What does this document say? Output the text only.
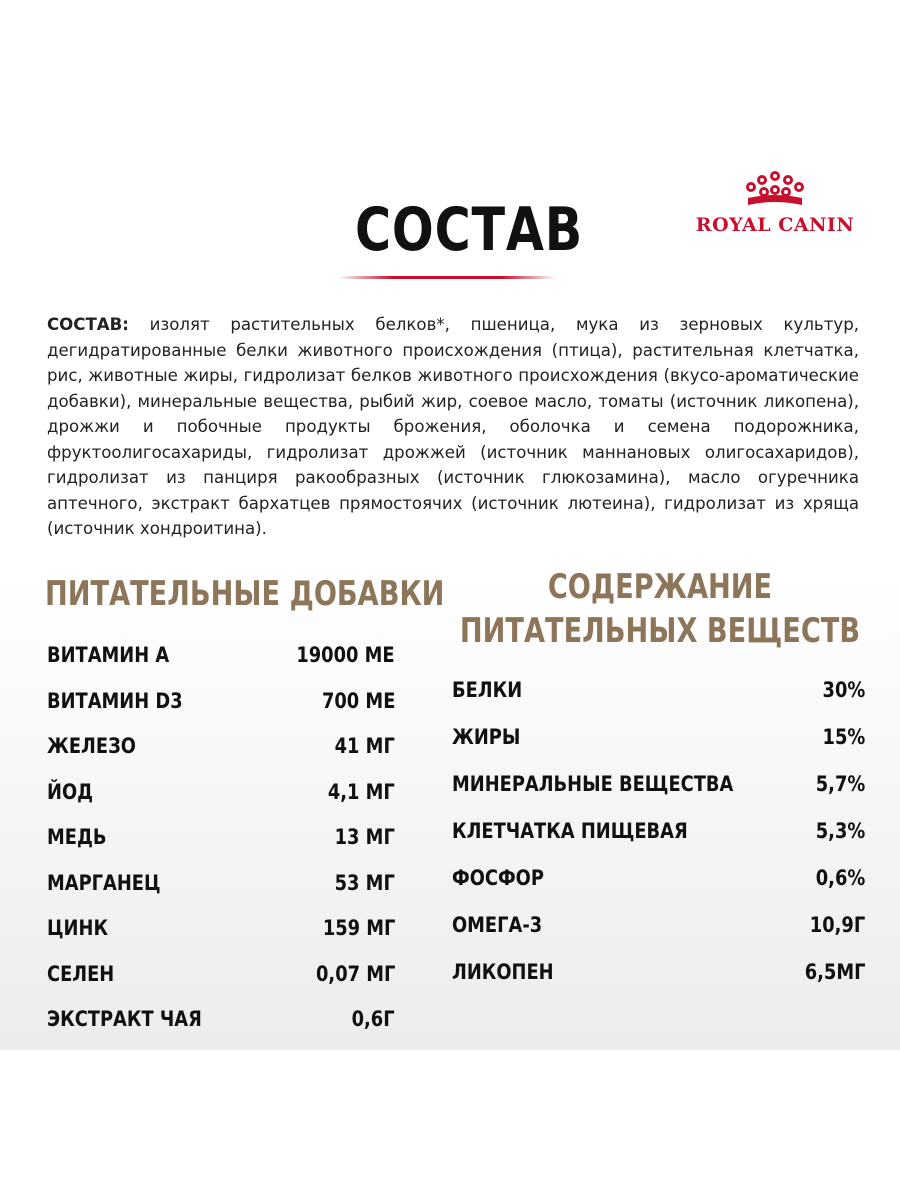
СОСТАВ	ROYAL CANIN
СОСТАВ: изолят растительных белков*, пшеница, мука из зерновых культур, дегидратированные белки животного происхождения (птица), растительная клетчатка, рис, животные жиры, гидролизат белков животного происхождения (вкусо-ароматические добавки), минеральные вещества, рыбий жир, соевое масло, томаты (источник ликопена), дрожжи и побочные продукты брожения, оболочка и семена подорожника, фруктоолигосахариды, гидролизат дрожжей (источник маннановых олигосахаридов), гидролизат из панциря ракообразных (источник глюкозамина), масло огуречника аптечного, экстракт бархатцев прямостоячих (источник лютеина), гидролизат из хряща (источник хондроитина).
ПИТАТЕЛЬНЫЕ ДОБАВКИ	СОДЕРЖАНИЕ ПИТАТЕЛЬНЫХ ВЕЩЕСТВ
ВИТАМИН А	19000 МЕ
ВИТАМИН D3	700 МЕ
ЖЕЛЕЗО	41 МГ
ЙОД	4,1 МГ
МЕДЬ	13 МГ
МАРГАНЕЦ	53 МГ
ЦИНК	159 МГ
СЕЛЕН	0,07 МГ
ЭКСТРАКТ ЧАЯ	0,6Г
БЕЛКИ	30%
ЖИРЫ	15%
МИНЕРАЛЬНЫЕ ВЕЩЕСТВА	5,7%
КЛЕТЧАТКА ПИЩЕВАЯ	5,3%
ФОСФОР	0,6%
ОМЕГА-3	10,9Г
ЛИКОПЕН	6,5МГ
